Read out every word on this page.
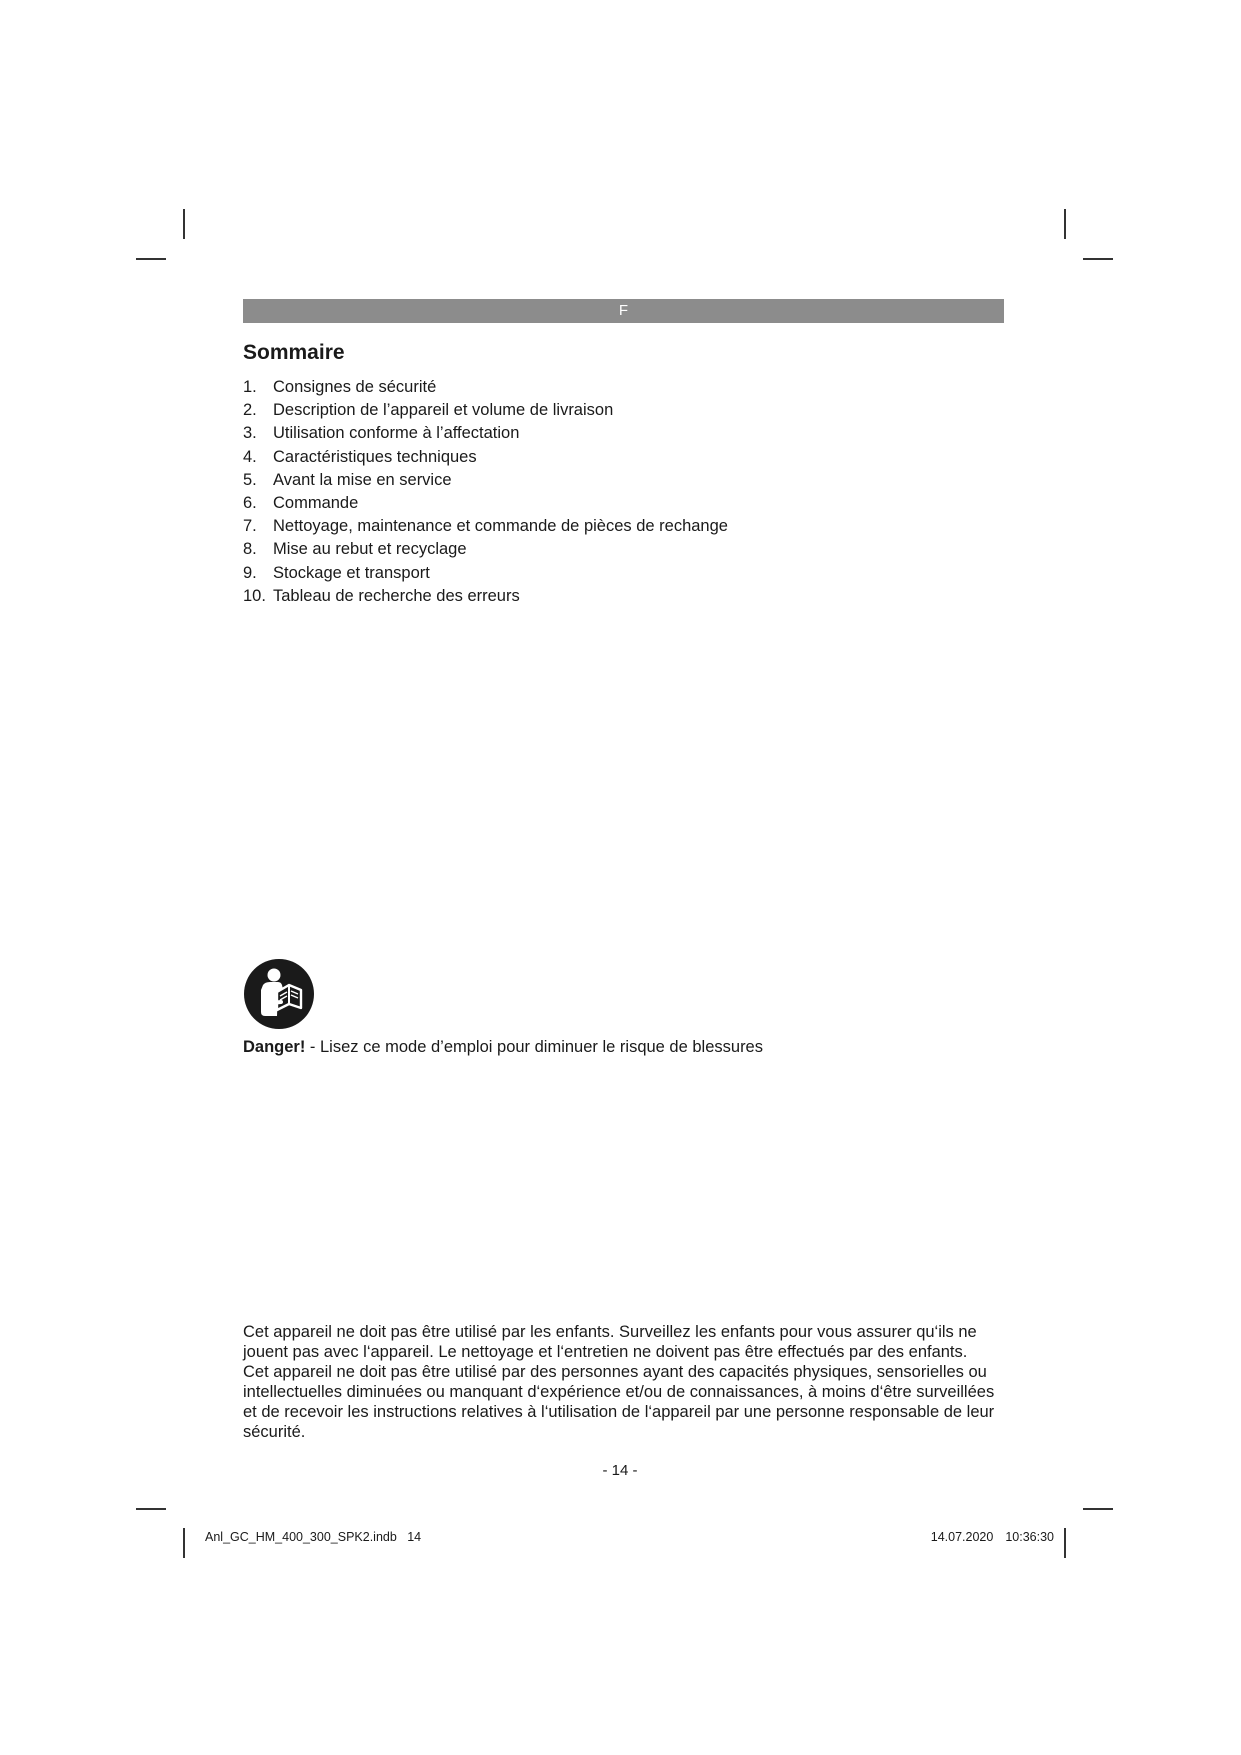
F
Sommaire
1. Consignes de sécurité
2. Description de l’appareil et volume de livraison
3. Utilisation conforme à l’affectation
4. Caractéristiques techniques
5. Avant la mise en service
6. Commande
7. Nettoyage, maintenance et commande de pièces de rechange
8. Mise au rebut et recyclage
9. Stockage et transport
10. Tableau de recherche des erreurs
Danger! - Lisez ce mode d’emploi pour diminuer le risque de blessures

Cet appareil ne doit pas être utilisé par les enfants. Surveillez les enfants pour vous assurer qu‘ils ne
jouent pas avec l‘appareil. Le nettoyage et l‘entretien ne doivent pas être effectués par des enfants.
Cet appareil ne doit pas être utilisé par des personnes ayant des capacités physiques, sensorielles ou
intellectuelles diminuées ou manquant d‘expérience et/ou de connaissances, à moins d‘être surveillées
et de recevoir les instructions relatives à l‘utilisation de l‘appareil par une personne responsable de leur
sécurité.

- 14 -
Anl_GC_HM_400_300_SPK2.indb   14	14.07.2020 10:36:30
